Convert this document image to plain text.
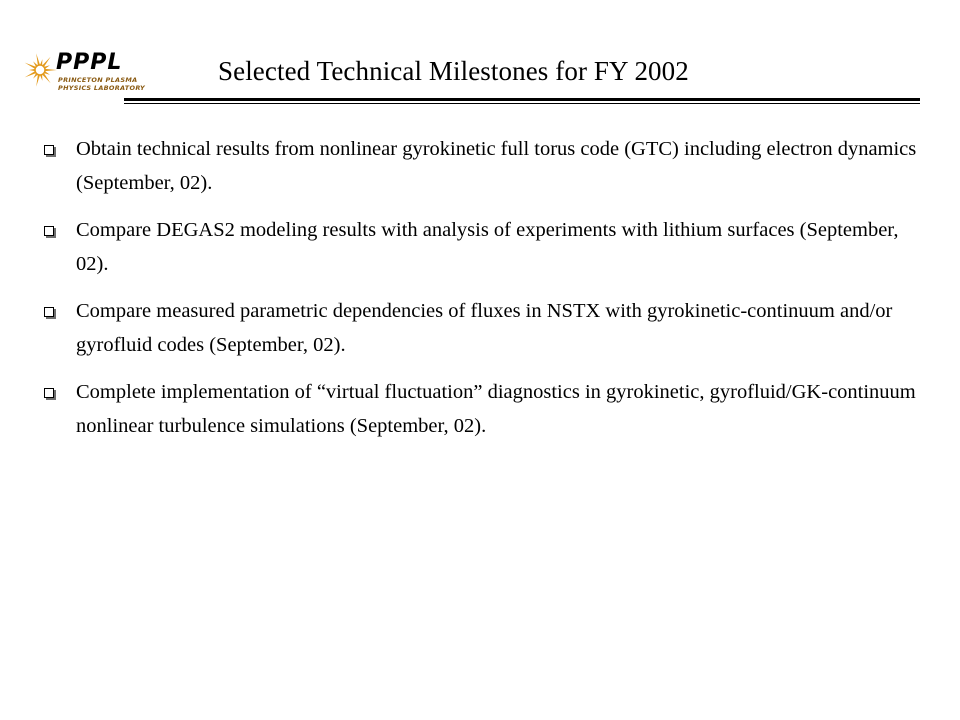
PPPL
PRINCETON PLASMA
PHYSICS LABORATORY
Selected Technical Milestones for FY 2002
Obtain technical results from nonlinear gyrokinetic full torus code (GTC) including electron dynamics (September, 02).
Compare DEGAS2 modeling results with analysis of experiments with lithium surfaces (September, 02).
Compare measured parametric dependencies of fluxes in NSTX with gyrokinetic-continuum and/or gyrofluid codes (September, 02).
Complete implementation of “virtual fluctuation” diagnostics in gyrokinetic, gyrofluid/GK-continuum nonlinear turbulence simulations (September, 02).
